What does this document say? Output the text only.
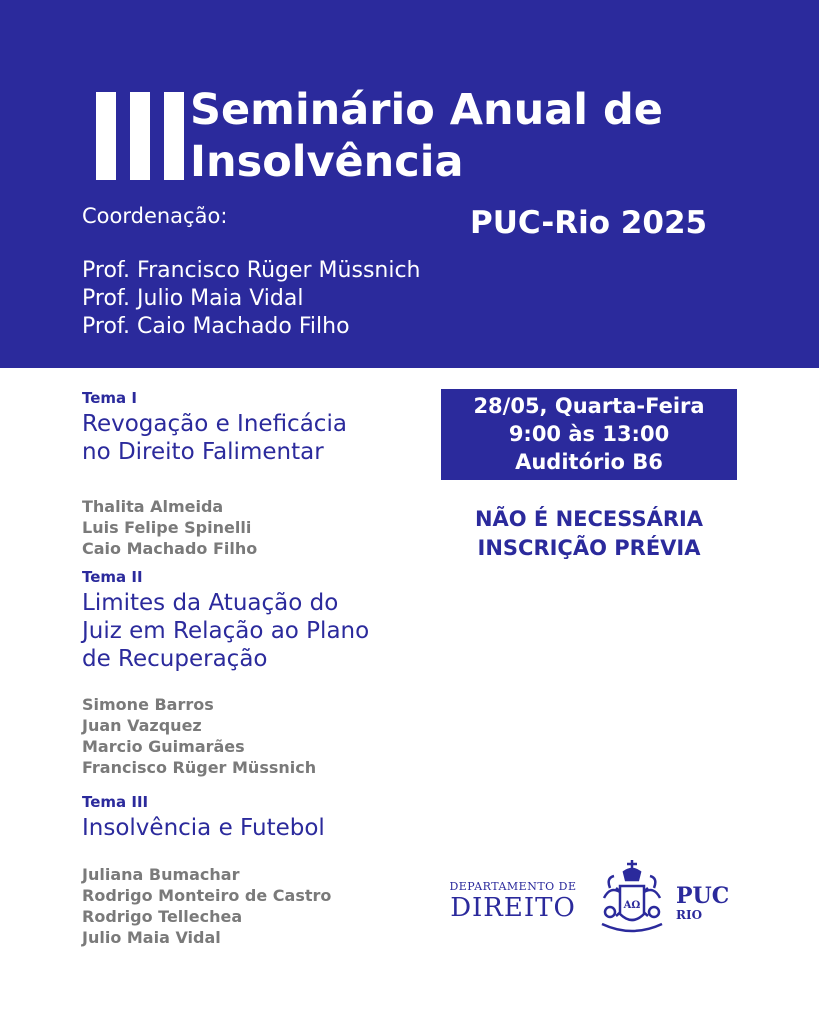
Seminário Anual de
Insolvência
Coordenação:	PUC-Rio 2025
Prof. Francisco Rüger Müssnich
Prof. Julio Maia Vidal
Prof. Caio Machado Filho
Tema I
Revogação e Ineficácia
no Direito Falimentar
Thalita Almeida
Luis Felipe Spinelli
Caio Machado Filho
Tema II
Limites da Atuação do
Juiz em Relação ao Plano
de Recuperação
Simone Barros
Juan Vazquez
Marcio Guimarães
Francisco Rüger Müssnich
Tema III
Insolvência e Futebol
Juliana Bumachar
Rodrigo Monteiro de Castro
Rodrigo Tellechea
Julio Maia Vidal
28/05, Quarta-Feira
9:00 às 13:00
Auditório B6
NÃO É NECESSÁRIA
INSCRIÇÃO PRÉVIA
DEPARTAMENTO DE
DIREITO	AΩ PUC
RIO
